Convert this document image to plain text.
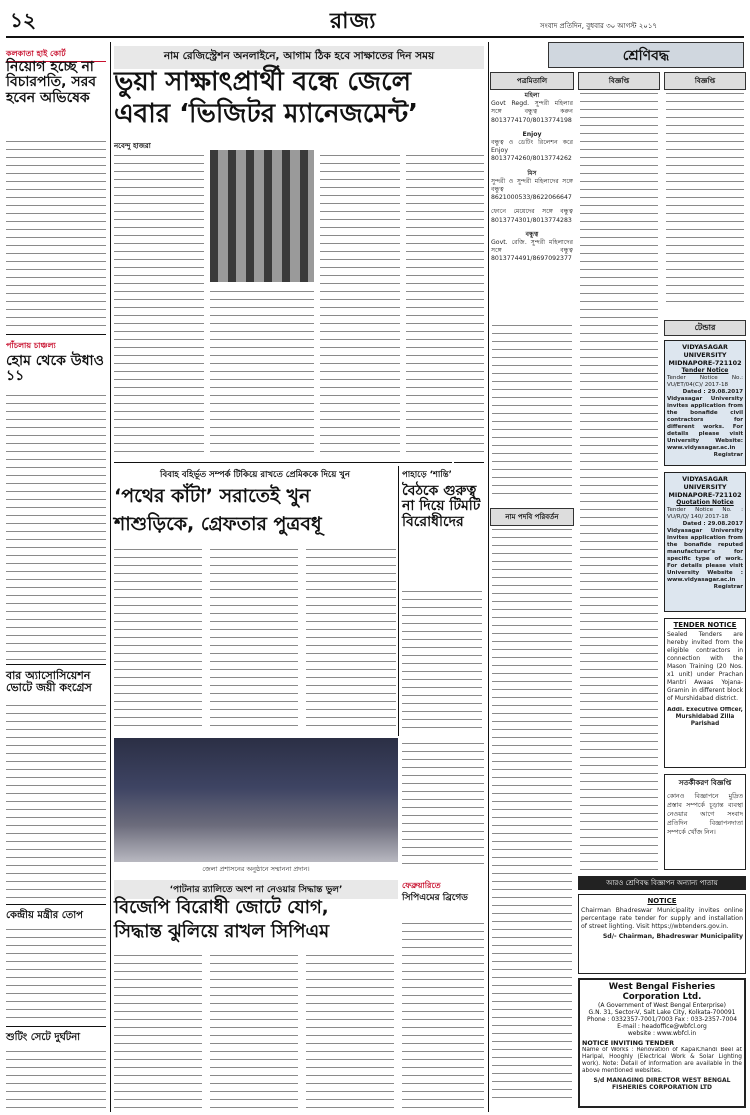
১২	রাজ্য	সংবাদ প্রতিদিন, বুধবার ৩০ আগস্ট ২০১৭
কলকাতা হাই কোর্ট
নিয়োগ হচ্ছে না বিচারপতি, সরব হবেন অভিষেক
পাঁচলায় চাঞ্চল্য
হোম থেকে উধাও ১১
বার অ্যাসোসিয়েশন ভোটে জয়ী কংগ্রেস
কেন্দ্রীয় মন্ত্রীর তোপ
শুটিং সেটে দুর্ঘটনা
নাম রেজিস্ট্রেশন অনলাইনে, আগাম ঠিক হবে সাক্ষাতের দিন সময়
ভুয়া সাক্ষাৎপ্রার্থী বন্ধে জেলে
এবার ‘ভিজিটর ম্যানেজমেন্ট’
নবেন্দু হাজরা
বিবাহ বহির্ভূত সম্পর্ক টিকিয়ে রাখতে প্রেমিককে দিয়ে খুন
‘পথের কাঁটা’ সরাতেই খুন
শাশুড়িকে, গ্রেফতার পুত্রবধূ
পাহাড়ে ‘শান্তি’
বৈঠকে গুরুত্ব না দিয়ে টিমটি বিরোধীদের
জেলা প্রশাসনের অনুষ্ঠানে সম্মাননা প্রদান।
‘পাটনার র‌্যালিতে অংশ না নেওয়ার সিদ্ধান্ত ভুল’
বিজেপি বিরোধী জোটে যোগ,
সিদ্ধান্ত ঝুলিয়ে রাখল সিপিএম
ফেব্রুয়ারিতে
সিপিএমের ব্রিগেড
শ্রেণিবদ্ধ
পত্রমিতালি
মহিলা
Govt Regd. সুন্দরী মহিলার সঙ্গে বন্ধুত্ব করুন 8013774170/8013774198
Enjoy
বন্ধুত্ব ও ডেটিং রিলেশন করে Enjoy 8013774260/8013774262
মিস
সুন্দরী ও সুন্দরী মহিলাদের সঙ্গে বন্ধুত্ব 8621000533/8622066647
ফোনে মেয়েদের সঙ্গে বন্ধুত্ব 8013774301/8013774283
বন্ধুত্ব
Govt. রেজি. সুন্দরী মহিলাদের সঙ্গে বন্ধুত্ব 8013774491/8697092377
নাম পদবি পরিবর্তন
বিজ্ঞপ্তি	বিজ্ঞপ্তি
টেন্ডার
VIDYASAGAR UNIVERSITY MIDNAPORE-721102
Tender Notice
Tender Notice No.: VU/ET/04(C)/ 2017-18
Dated : 29.08.2017
Vidyasagar University invites application from the bonafide civil contractors for different works. For details please visit University Website: www.vidyasagar.ac.in
Registrar
VIDYASAGAR UNIVERSITY MIDNAPORE-721102
Quotation Notice
Tender Notice No. : VU/R/Q/ 140/ 2017-18
Dated : 29.08.2017
Vidyasagar University invites application from the bonafide reputed manufacturer's for specific type of work. For details please visit University Website : www.vidyasagar.ac.in
Registrar
TENDER NOTICE
Sealed Tenders are hereby invited from the eligible contractors in connection with the Mason Training (20 Nos. x1 unit) under Prachan Mantri Awaas Yojana-Gramin in different block of Murshidabad district.
Addl. Executive Officer, Murshidabad Zilla Parishad
সতর্কীকরণ বিজ্ঞপ্তি
কোনও বিজ্ঞাপনে মুদ্রিত প্রস্তাব সম্পর্কে চূড়ান্ত ব্যবস্থা নেওয়ার আগে সংবাদ প্রতিদিন বিজ্ঞাপনদাতা সম্পর্কে খোঁজ নিন।
আরও শ্রেণিবদ্ধ বিজ্ঞাপন অন্যান্য পাতায়
NOTICE
Chairman Bhadreswar Municipality invites online percentage rate tender for supply and installation of street lighting. Visit https://wbtenders.gov.in.
Sd/- Chairman, Bhadreswar Municipality
West Bengal Fisheries Corporation Ltd.
(A Government of West Bengal Enterprise)
G.N. 31, Sector-V, Salt Lake City, Kolkata-700091
Phone : 0332357-7001/7003 Fax : 033-2357-7004
E-mail : headoffice@wbfcl.org
website : www.wbfcl.in
NOTICE INVITING TENDER
Name of Works : Renovation of KapaiChandi Beel at Haripal, Hooghly (Electrical Work & Solar Lighting work). Note: Detail of information are available in the above mentioned websites.
S/d MANAGING DIRECTOR WEST BENGAL FISHERIES CORPORATION LTD
